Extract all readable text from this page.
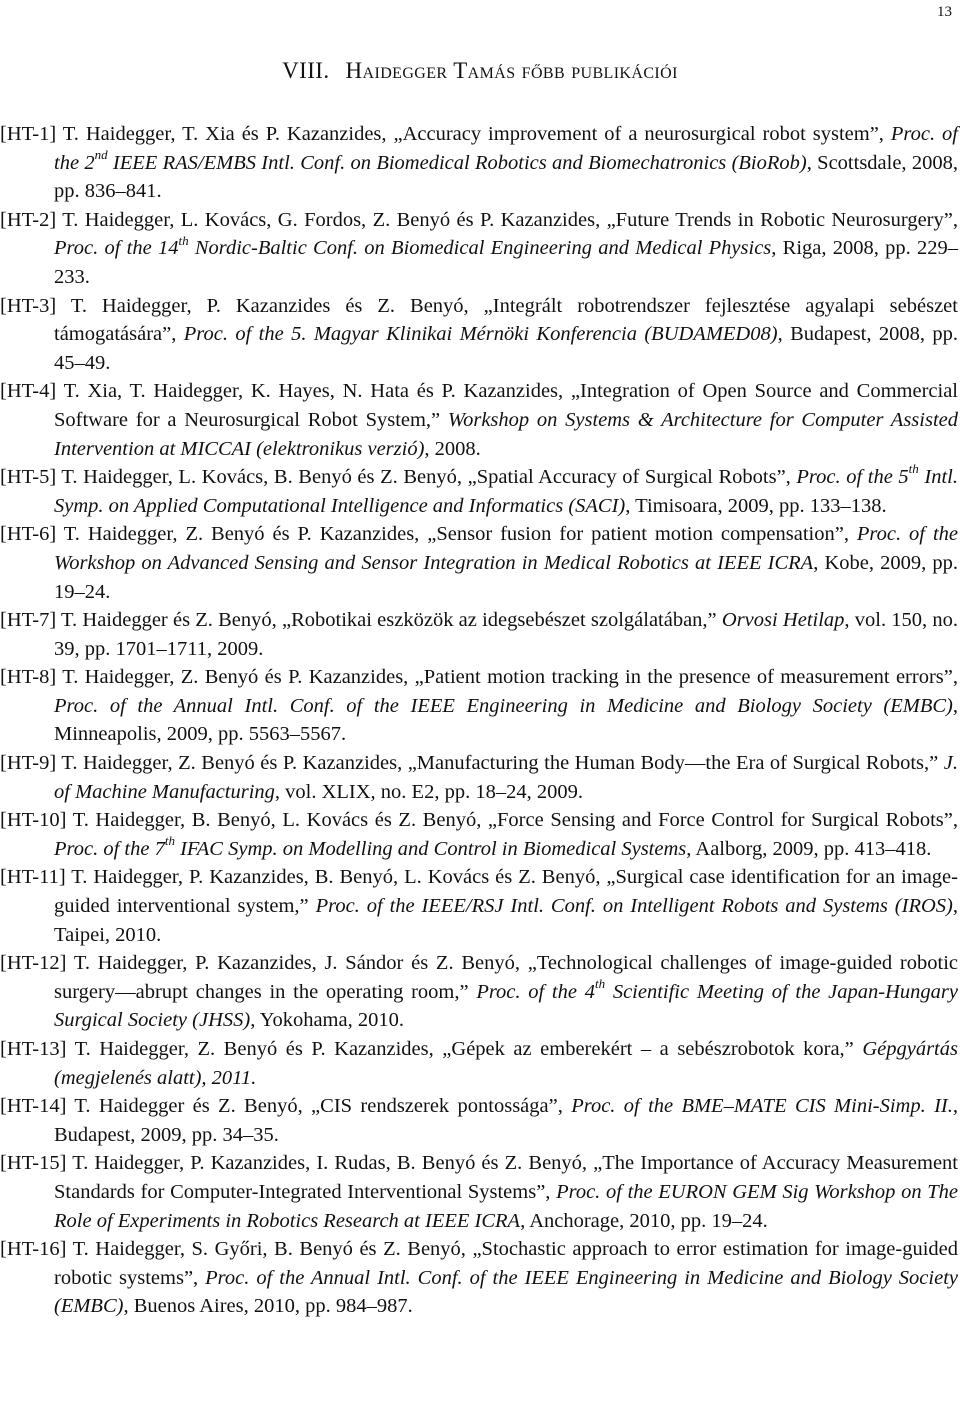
13
VIII. Haidegger Tamás főbb publikációi
[HT-1] T. Haidegger, T. Xia és P. Kazanzides, „Accuracy improvement of a neurosurgical robot system”, Proc. of the 2nd IEEE RAS/EMBS Intl. Conf. on Biomedical Robotics and Biomechatronics (BioRob), Scottsdale, 2008, pp. 836–841.
[HT-2] T. Haidegger, L. Kovács, G. Fordos, Z. Benyó és P. Kazanzides, „Future Trends in Robotic Neurosurgery”, Proc. of the 14th Nordic-Baltic Conf. on Biomedical Engineering and Medical Physics, Riga, 2008, pp. 229–233.
[HT-3] T. Haidegger, P. Kazanzides és Z. Benyó, „Integrált robotrendszer fejlesztése agyalapi sebészet támogatására”, Proc. of the 5. Magyar Klinikai Mérnöki Konferencia (BUDAMED08), Budapest, 2008, pp. 45–49.
[HT-4] T. Xia, T. Haidegger, K. Hayes, N. Hata és P. Kazanzides, „Integration of Open Source and Commercial Software for a Neurosurgical Robot System,” Workshop on Systems & Architecture for Computer Assisted Intervention at MICCAI (elektronikus verzió), 2008.
[HT-5] T. Haidegger, L. Kovács, B. Benyó és Z. Benyó, „Spatial Accuracy of Surgical Robots”, Proc. of the 5th Intl. Symp. on Applied Computational Intelligence and Informatics (SACI), Timisoara, 2009, pp. 133–138.
[HT-6] T. Haidegger, Z. Benyó és P. Kazanzides, „Sensor fusion for patient motion compensation”, Proc. of the Workshop on Advanced Sensing and Sensor Integration in Medical Robotics at IEEE ICRA, Kobe, 2009, pp. 19–24.
[HT-7] T. Haidegger és Z. Benyó, „Robotikai eszközök az idegsebészet szolgálatában,” Orvosi Hetilap, vol. 150, no. 39, pp. 1701–1711, 2009.
[HT-8] T. Haidegger, Z. Benyó és P. Kazanzides, „Patient motion tracking in the presence of measurement errors”, Proc. of the Annual Intl. Conf. of the IEEE Engineering in Medicine and Biology Society (EMBC), Minneapolis, 2009, pp. 5563–5567.
[HT-9] T. Haidegger, Z. Benyó és P. Kazanzides, „Manufacturing the Human Body—the Era of Surgical Robots,” J. of Machine Manufacturing, vol. XLIX, no. E2, pp. 18–24, 2009.
[HT-10] T. Haidegger, B. Benyó, L. Kovács és Z. Benyó, „Force Sensing and Force Control for Surgical Robots”, Proc. of the 7th IFAC Symp. on Modelling and Control in Biomedical Systems, Aalborg, 2009, pp. 413–418.
[HT-11] T. Haidegger, P. Kazanzides, B. Benyó, L. Kovács és Z. Benyó, „Surgical case identification for an image-guided interventional system,” Proc. of the IEEE/RSJ Intl. Conf. on Intelligent Robots and Systems (IROS), Taipei, 2010.
[HT-12] T. Haidegger, P. Kazanzides, J. Sándor és Z. Benyó, „Technological challenges of image-guided robotic surgery—abrupt changes in the operating room,” Proc. of the 4th Scientific Meeting of the Japan-Hungary Surgical Society (JHSS), Yokohama, 2010.
[HT-13] T. Haidegger, Z. Benyó és P. Kazanzides, „Gépek az emberekért – a sebészrobotok kora,” Gépgyártás (megjelenés alatt), 2011.
[HT-14] T. Haidegger és Z. Benyó, „CIS rendszerek pontossága”, Proc. of the BME–MATE CIS Mini-Simp. II., Budapest, 2009, pp. 34–35.
[HT-15] T. Haidegger, P. Kazanzides, I. Rudas, B. Benyó és Z. Benyó, „The Importance of Accuracy Measurement Standards for Computer-Integrated Interventional Systems”, Proc. of the EURON GEM Sig Workshop on The Role of Experiments in Robotics Research at IEEE ICRA, Anchorage, 2010, pp. 19–24.
[HT-16] T. Haidegger, S. Győri, B. Benyó és Z. Benyó, „Stochastic approach to error estimation for image-guided robotic systems”, Proc. of the Annual Intl. Conf. of the IEEE Engineering in Medicine and Biology Society (EMBC), Buenos Aires, 2010, pp. 984–987.
